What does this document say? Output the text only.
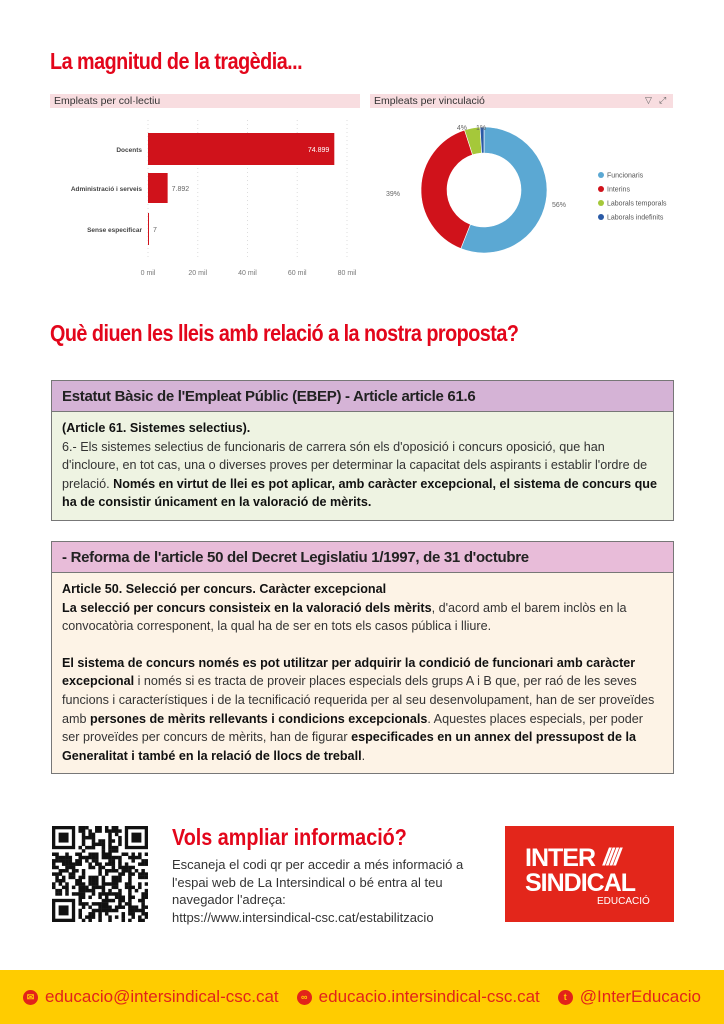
La magnitud de la tragèdia...
Empleats per col·lectiu
0 mil	20 mil	40 mil	60 mil	80 mil
Docents	74.899
Administració i serveis	7.892
Sense especificar 7
Empleats per vinculació	▽ ⤢
56%
39%
4% 1%
Funcionaris
Interins
Laborals temporals
Laborals indefinits
Què diuen les lleis amb relació a la nostra proposta?
Estatut Bàsic de l'Empleat Públic (EBEP) - Article article 61.6
(Article 61. Sistemes selectius).
6.- Els sistemes selectius de funcionaris de carrera són els d'oposició i concurs oposició, que han d'incloure, en tot cas, una o diverses proves per determinar la capacitat dels aspirants i establir l'ordre de prelació. Només en virtut de llei es pot aplicar, amb caràcter excepcional, el sistema de concurs que ha de consistir únicament en la valoració de mèrits.
- Reforma de l'article 50 del Decret Legislatiu 1/1997, de 31 d'octubre
Article 50. Selecció per concurs. Caràcter excepcional

La selecció per concurs consisteix en la valoració dels mèrits, d'acord amb el barem inclòs en la convocatòria corresponent, la qual ha de ser en tots els casos pública i lliure.

El sistema de concurs només es pot utilitzar per adquirir la condició de funcionari amb caràcter excepcional i només si es tracta de proveir places especials dels grups A i B que, per raó de les seves funcions i característiques i de la tecnificació requerida per al seu desenvolupament, han de ser proveïdes amb persones de mèrits rellevants i condicions excepcionals. Aquestes places especials, per poder ser proveïdes per concurs de mèrits, han de figurar especificades en un annex del pressupost de la Generalitat i també en la relació de llocs de treball.

Vols ampliar informació?
Escaneja el codi qr per accedir a més informació a l'espai web de La Intersindical o bé entra al teu navegador l'adreça:
https://www.intersindical-csc.cat/estabilitzacio
INTER ////
SINDICAL
EDUCACIÓ
✉ educacio@intersindical-csc.cat	∞ educacio.intersindical-csc.cat	t @InterEducacio
